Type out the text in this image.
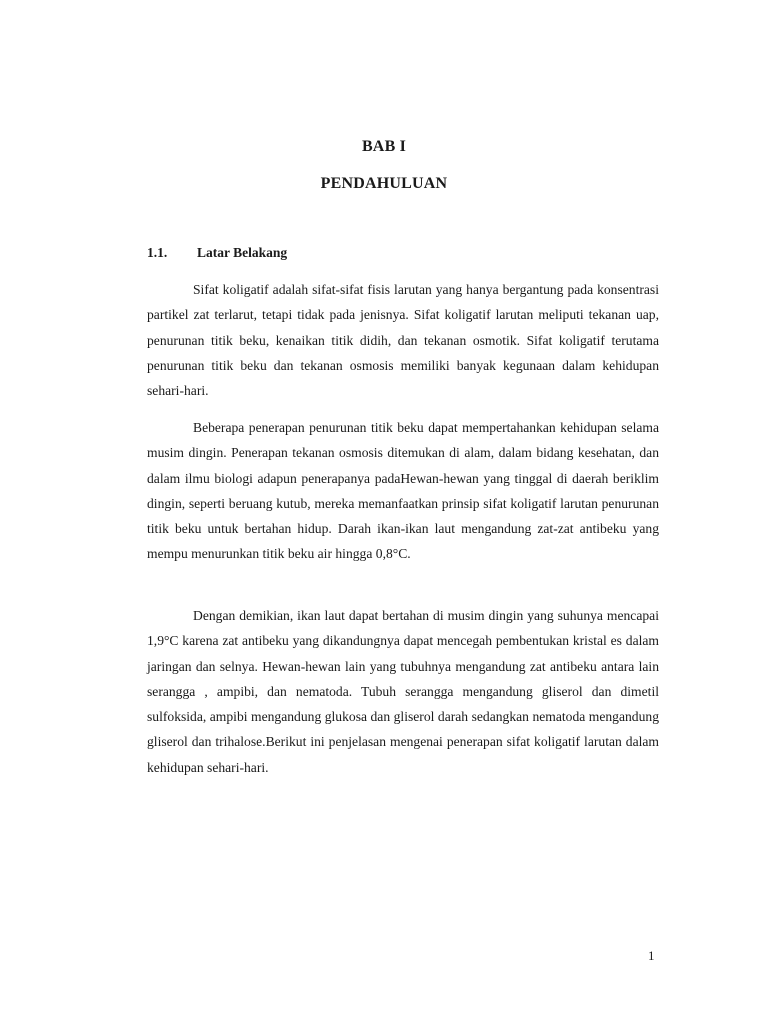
BAB I
PENDAHULUAN
1.1. Latar Belakang

Sifat koligatif adalah sifat-sifat fisis larutan yang hanya bergantung pada konsentrasi partikel zat terlarut, tetapi tidak pada jenisnya. Sifat koligatif larutan meliputi tekanan uap, penurunan titik beku, kenaikan titik didih, dan tekanan osmotik. Sifat koligatif terutama penurunan titik beku dan tekanan osmosis memiliki banyak kegunaan dalam kehidupan sehari-hari.

Beberapa penerapan penurunan titik beku dapat mempertahankan kehidupan selama musim dingin. Penerapan tekanan osmosis ditemukan di alam, dalam bidang kesehatan, dan dalam ilmu biologi adapun penerapanya padaHewan-hewan yang tinggal di daerah beriklim dingin, seperti beruang kutub, mereka memanfaatkan prinsip sifat koligatif larutan penurunan titik beku untuk bertahan hidup. Darah ikan-ikan laut mengandung zat-zat antibeku yang mempu menurunkan titik beku air hingga 0,8°C.

Dengan demikian, ikan laut dapat bertahan di musim dingin yang suhunya mencapai 1,9°C karena zat antibeku yang dikandungnya dapat mencegah pembentukan kristal es dalam jaringan dan selnya. Hewan-hewan lain yang tubuhnya mengandung zat antibeku antara lain serangga , ampibi, dan nematoda. Tubuh serangga mengandung gliserol dan dimetil sulfoksida, ampibi mengandung glukosa dan gliserol darah sedangkan nematoda mengandung gliserol dan trihalose.Berikut ini penjelasan mengenai penerapan sifat koligatif larutan dalam kehidupan sehari-hari.

1
